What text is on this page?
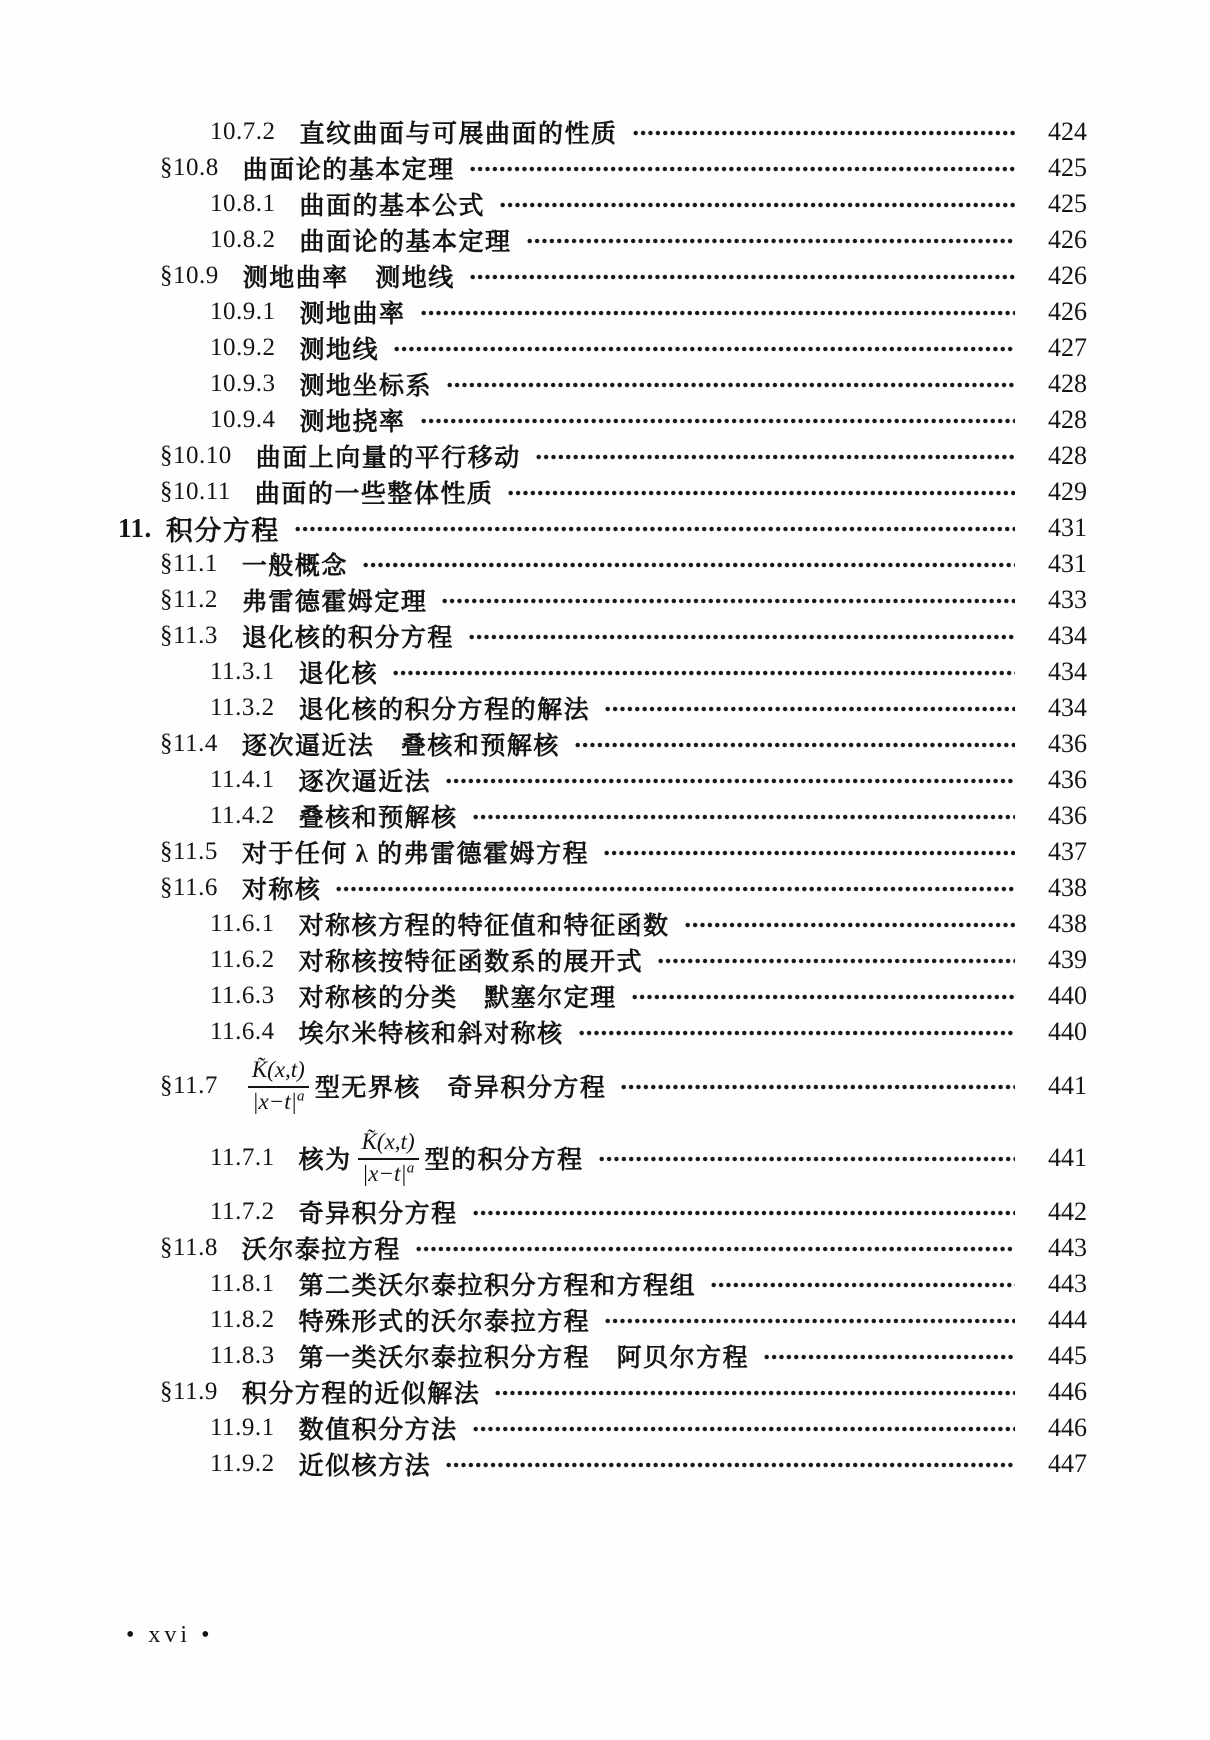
10.7.2 直纹曲面与可展曲面的性质	424
§10.8 曲面论的基本定理	425
10.8.1 曲面的基本公式	425
10.8.2 曲面论的基本定理	426
§10.9 测地曲率　测地线	426
10.9.1 测地曲率	426
10.9.2 测地线	427
10.9.3 测地坐标系	428
10.9.4 测地挠率	428
§10.10 曲面上向量的平行移动	428
§10.11 曲面的一些整体性质	429
11. 积分方程	431
§11.1 一般概念	431
§11.2 弗雷德霍姆定理	433
§11.3 退化核的积分方程	434
11.3.1 退化核	434
11.3.2 退化核的积分方程的解法	434
§11.4 逐次逼近法　叠核和预解核	436
11.4.1 逐次逼近法	436
11.4.2 叠核和预解核	436
§11.5 对于任何 λ 的弗雷德霍姆方程	437
§11.6 对称核	438
11.6.1 对称核方程的特征值和特征函数	438
11.6.2 对称核按特征函数系的展开式	439
11.6.3 对称核的分类　默塞尔定理	440
11.6.4 埃尔米特核和斜对称核	440
§11.7 $\frac{K̃(x,t)}{|x-t|^a}$ 型无界核　奇异积分方程	441
11.7.1 核为 $\frac{K̃(x,t)}{|x-t|^a}$ 型的积分方程	441
11.7.2 奇异积分方程	442
§11.8 沃尔泰拉方程	443
11.8.1 第二类沃尔泰拉积分方程和方程组	443
11.8.2 特殊形式的沃尔泰拉方程	444
11.8.3 第一类沃尔泰拉积分方程　阿贝尔方程	445
§11.9 积分方程的近似解法	446
11.9.1 数值积分方法	446
11.9.2 近似核方法	447
• xvi •
